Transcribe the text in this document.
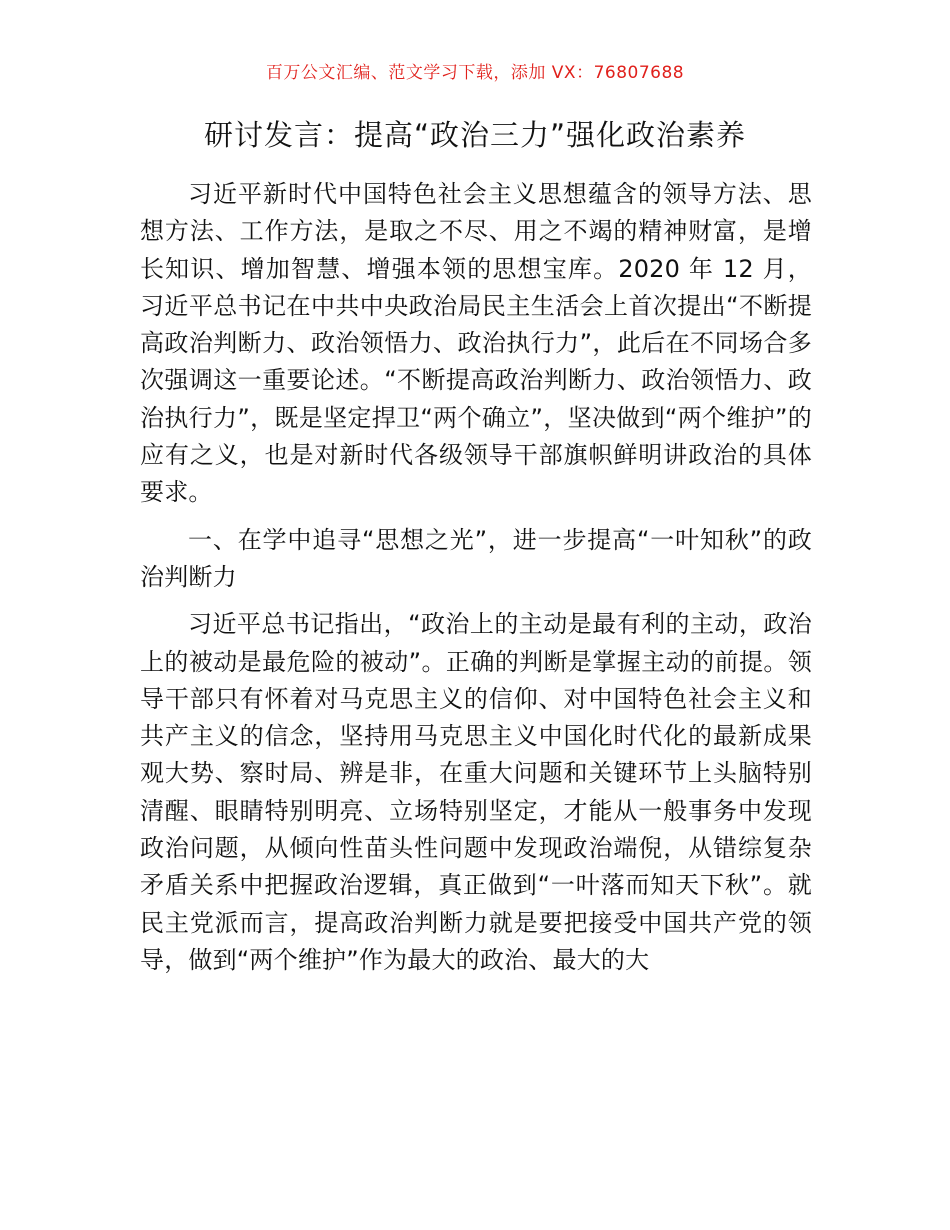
百万公文汇编、范文学习下载，添加 VX：76807688
研讨发言：提高“政治三力”强化政治素养

习近平新时代中国特色社会主义思想蕴含的领导方法、思想方法、工作方法，是取之不尽、用之不竭的精神财富，是增长知识、增加智慧、增强本领的思想宝库。2020 年 12 月，习近平总书记在中共中央政治局民主生活会上首次提出“不断提高政治判断力、政治领悟力、政治执行力”，此后在不同场合多次强调这一重要论述。“不断提高政治判断力、政治领悟力、政治执行力”，既是坚定捍卫“两个确立”，坚决做到“两个维护”的应有之义，也是对新时代各级领导干部旗帜鲜明讲政治的具体要求。

一、在学中追寻“思想之光”，进一步提高“一叶知秋”的政治判断力

习近平总书记指出，“政治上的主动是最有利的主动，政治上的被动是最危险的被动”。正确的判断是掌握主动的前提。领导干部只有怀着对马克思主义的信仰、对中国特色社会主义和共产主义的信念，坚持用马克思主义中国化时代化的最新成果观大势、察时局、辨是非，在重大问题和关键环节上头脑特别清醒、眼睛特别明亮、立场特别坚定，才能从一般事务中发现政治问题，从倾向性苗头性问题中发现政治端倪，从错综复杂矛盾关系中把握政治逻辑，真正做到“一叶落而知天下秋”。就民主党派而言，提高政治判断力就是要把接受中国共产党的领导，做到“两个维护”作为最大的政治、最大的大
